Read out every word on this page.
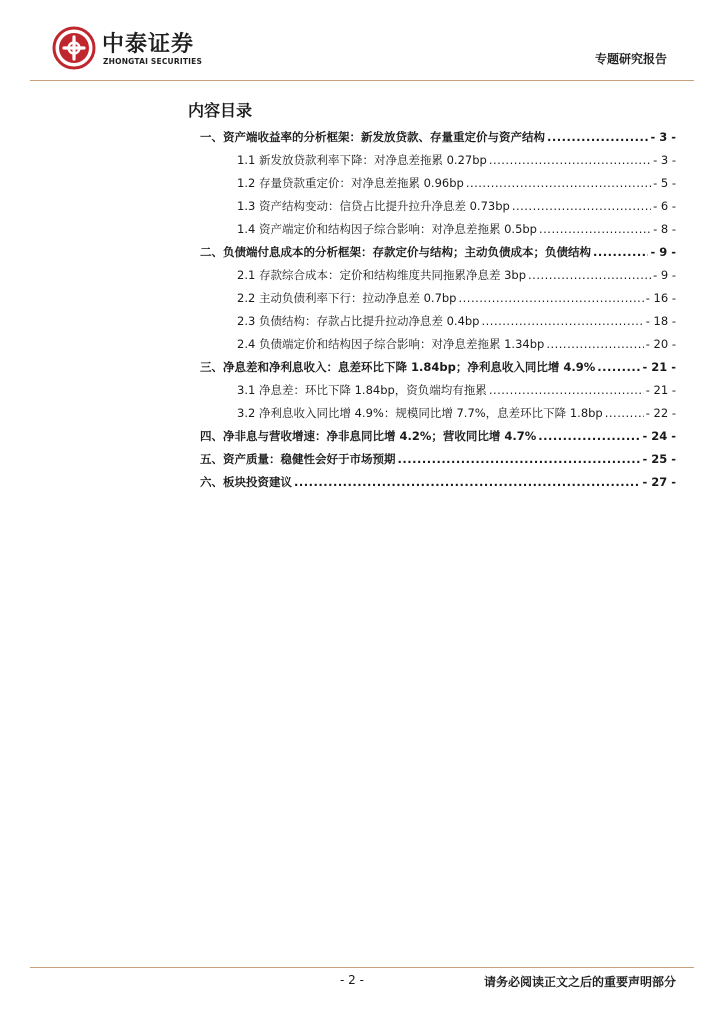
中泰证券
ZHONGTAI SECURITIES	专题研究报告
内容目录
一、资产端收益率的分析框架：新发放贷款、存量重定价与资产结构 .....	- 3 -
1.1 新发放贷款利率下降：对净息差拖累 0.27bp .....	- 3 -
1.2 存量贷款重定价：对净息差拖累 0.96bp .....	- 5 -
1.3 资产结构变动：信贷占比提升拉升净息差 0.73bp .....	- 6 -
1.4 资产端定价和结构因子综合影响：对净息差拖累 0.5bp .....	- 8 -
二、负债端付息成本的分析框架：存款定价与结构；主动负债成本；负债结构 .....	- 9 -
2.1 存款综合成本：定价和结构维度共同拖累净息差 3bp .....	- 9 -
2.2 主动负债利率下行：拉动净息差 0.7bp .....	- 16 -
2.3 负债结构：存款占比提升拉动净息差 0.4bp .....	- 18 -
2.4 负债端定价和结构因子综合影响：对净息差拖累 1.34bp .....	- 20 -
三、净息差和净利息收入：息差环比下降 1.84bp；净利息收入同比增 4.9% .....	- 21 -
3.1 净息差：环比下降 1.84bp，资负端均有拖累 .....	- 21 -
3.2 净利息收入同比增 4.9%：规模同比增 7.7%，息差环比下降 1.8bp .....	- 22 -
四、净非息与营收增速：净非息同比增 4.2%；营收同比增 4.7% .....	- 24 -
五、资产质量：稳健性会好于市场预期 .....	- 25 -
六、板块投资建议 .....	- 27 -
- 2 -	请务必阅读正文之后的重要声明部分
